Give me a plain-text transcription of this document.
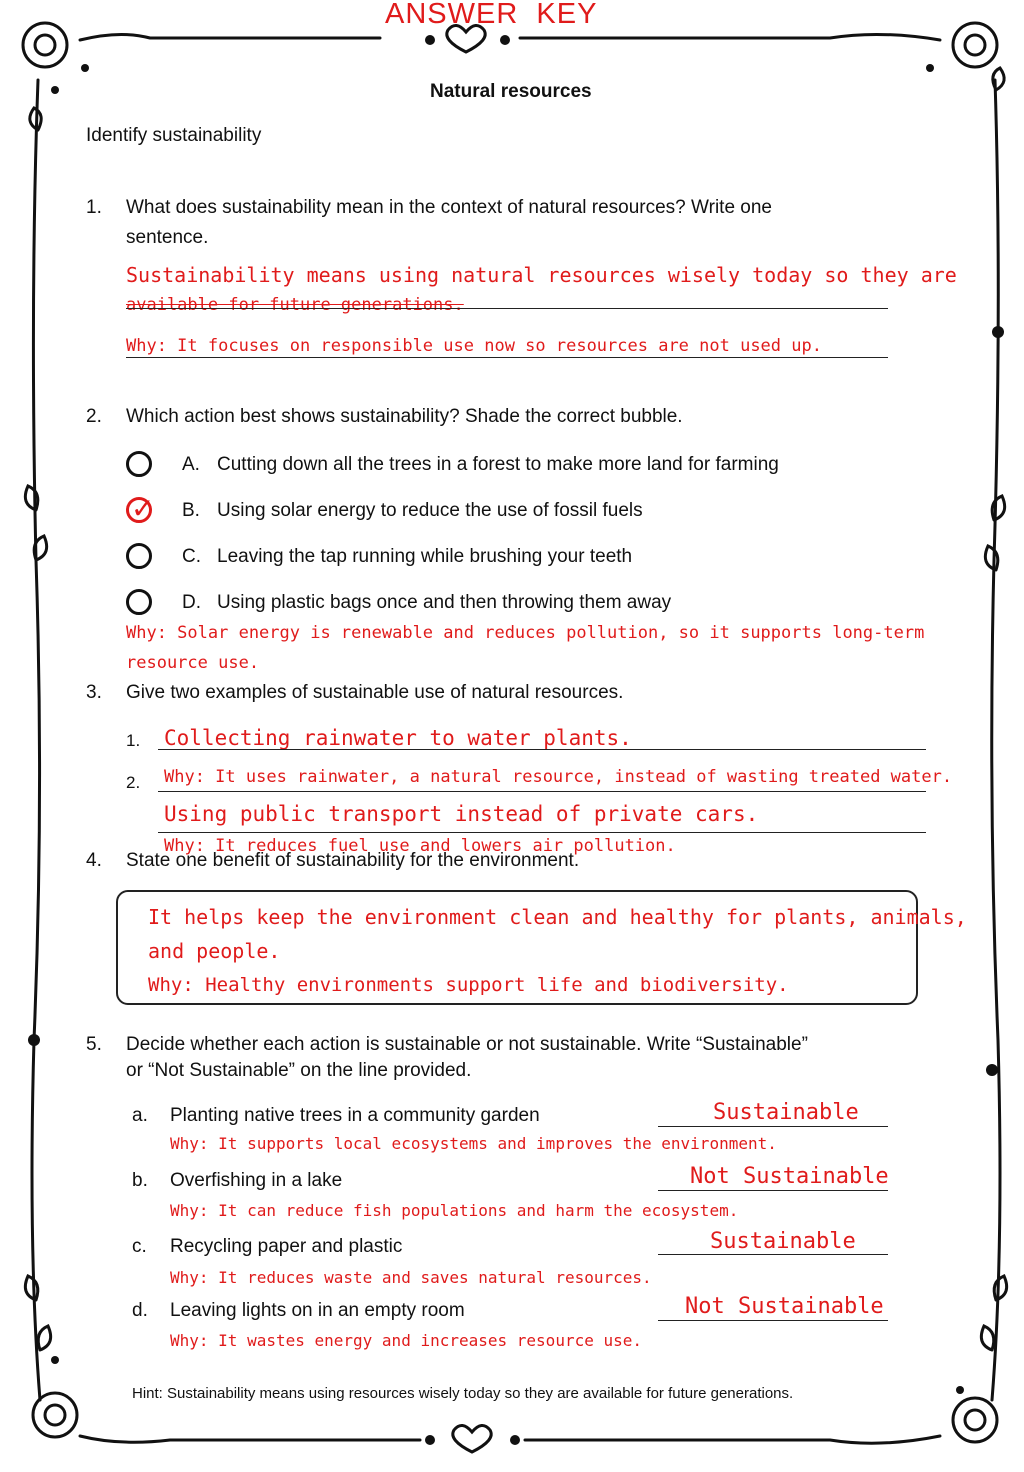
ANSWER  KEY
Natural resources
Identify sustainability
1. What does sustainability mean in the context of natural resources? Write one
sentence.
Sustainability means using natural resources wisely today so they are
available for future generations.
Why: It focuses on responsible use now so resources are not used up.
2. Which action best shows sustainability? Shade the correct bubble.
A. Cutting down all the trees in a forest to make more land for farming
✓ B. Using solar energy to reduce the use of fossil fuels
C. Leaving the tap running while brushing your teeth
D. Using plastic bags once and then throwing them away
Why: Solar energy is renewable and reduces pollution, so it supports long-term
resource use.
3. Give two examples of sustainable use of natural resources.
1. Collecting rainwater to water plants.
2. Why: It uses rainwater, a natural resource, instead of wasting treated water.
Using public transport instead of private cars.
4. State one benefit of sustainability for the environment.
Why: It reduces fuel use and lowers air pollution.
It helps keep the environment clean and healthy for plants, animals,
and people.
Why: Healthy environments support life and biodiversity.
5. Decide whether each action is sustainable or not sustainable. Write “Sustainable”
or “Not Sustainable” on the line provided.
a. Planting native trees in a community garden	Sustainable
Why: It supports local ecosystems and improves the environment.
b. Overfishing in a lake	Not Sustainable
Why: It can reduce fish populations and harm the ecosystem.
c. Recycling paper and plastic	Sustainable
Why: It reduces waste and saves natural resources.
d. Leaving lights on in an empty room	Not Sustainable
Why: It wastes energy and increases resource use.
Hint: Sustainability means using resources wisely today so they are available for future generations.
